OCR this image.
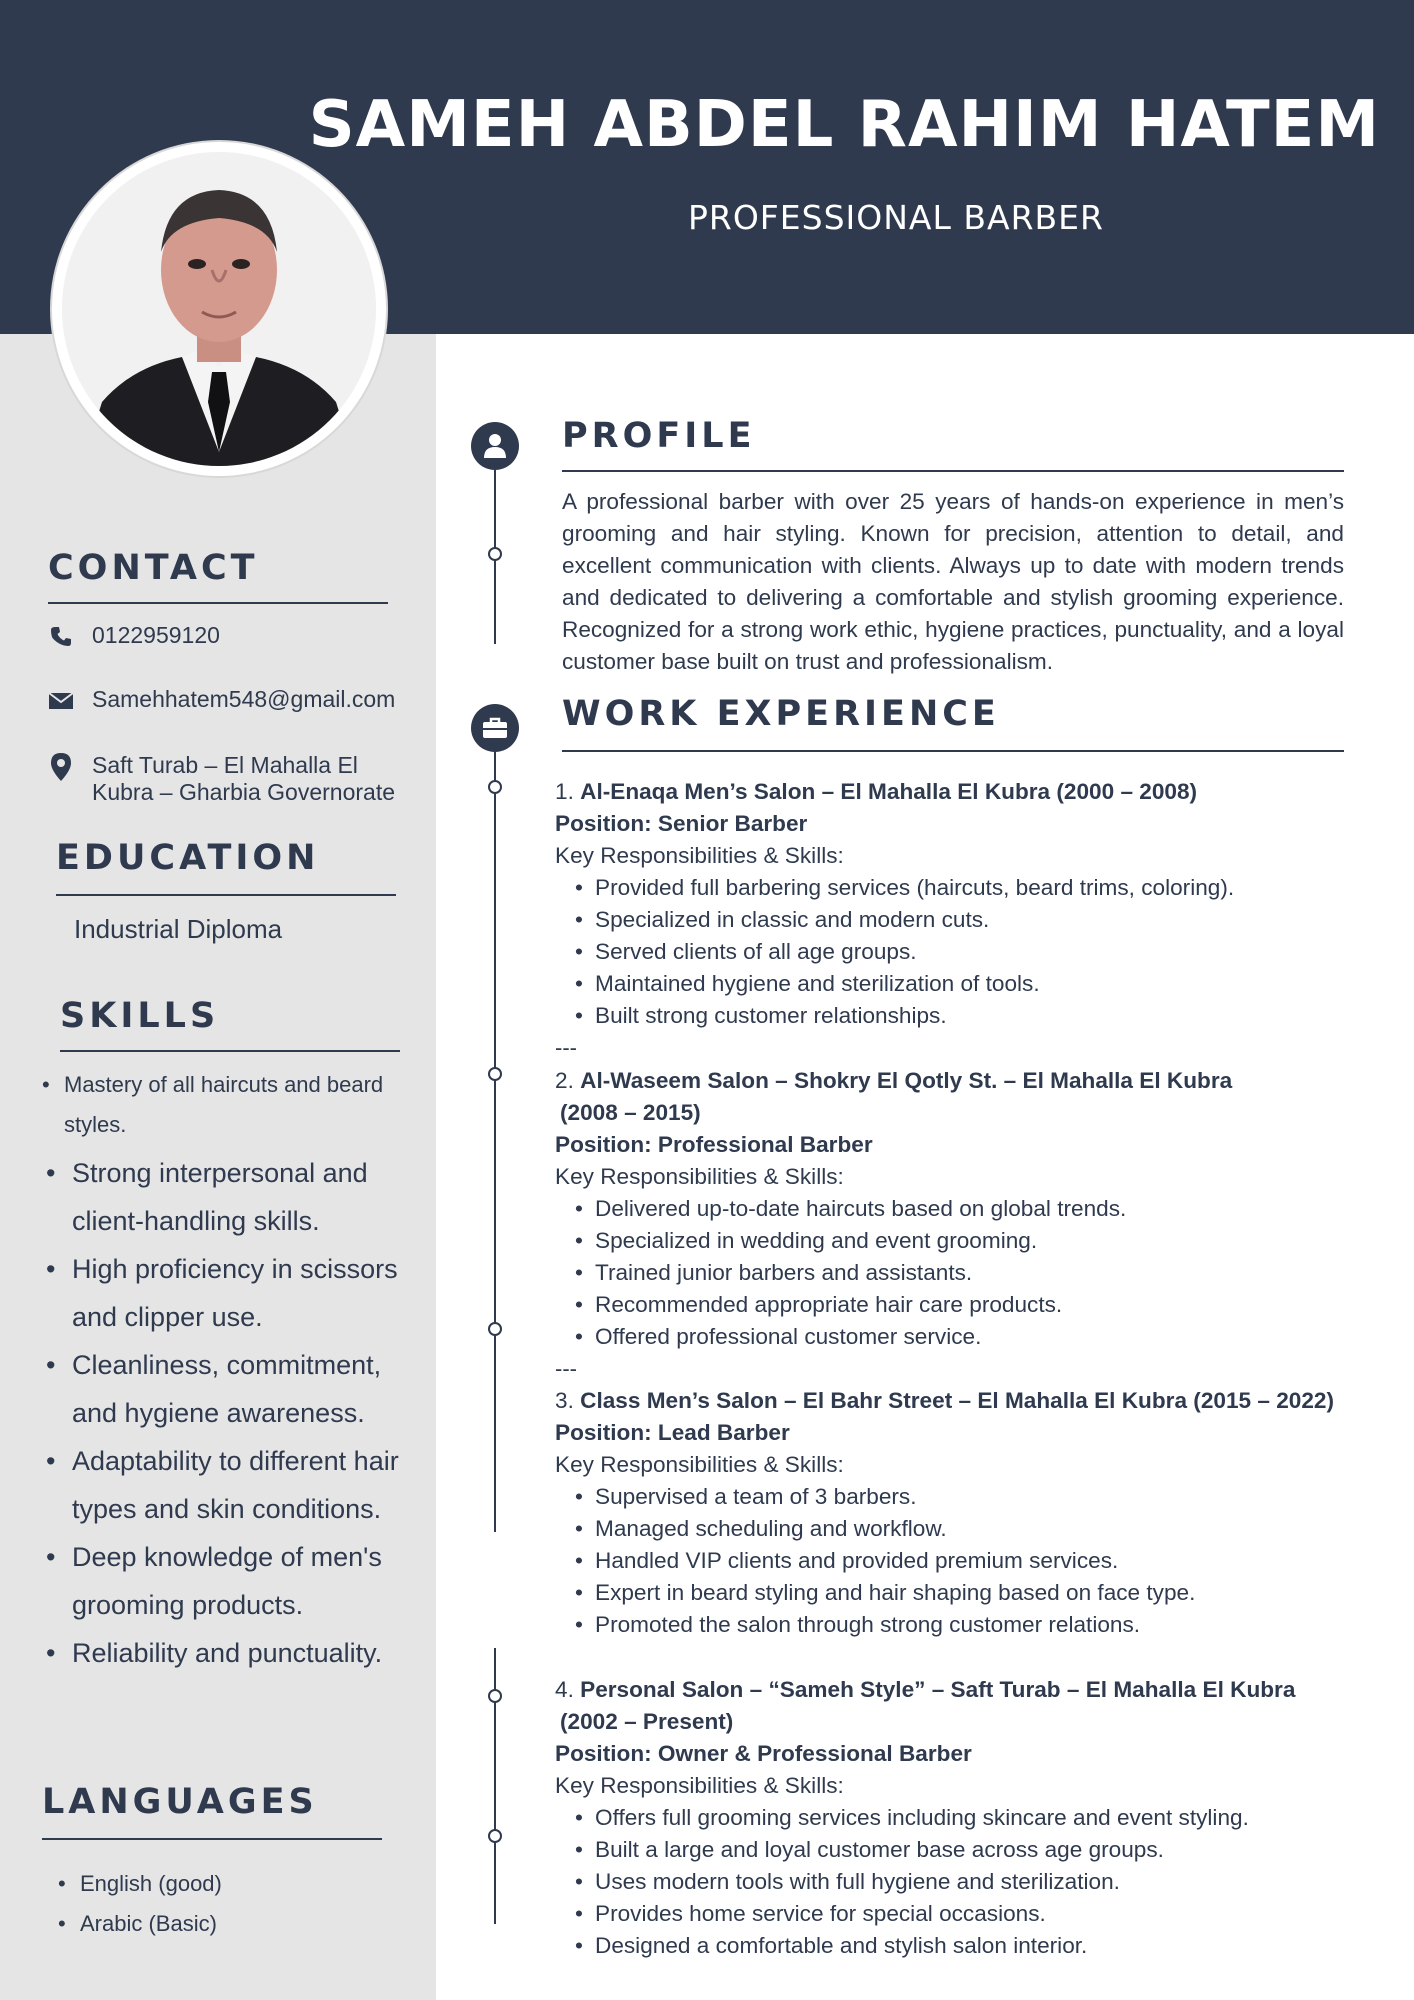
SAMEH ABDEL RAHIM HATEM
PROFESSIONAL BARBER
CONTACT
0122959120
Samehhatem548@gmail.com
Saft Turab – El Mahalla El
Kubra – Gharbia Governorate
EDUCATION
Industrial Diploma
SKILLS
• Mastery of all haircuts and beard styles.
• Strong interpersonal and client-handling skills.
• High proficiency in scissors and clipper use.
• Cleanliness, commitment, and hygiene awareness.
• Adaptability to different hair types and skin conditions.
• Deep knowledge of men's grooming products.
• Reliability and punctuality.
LANGUAGES
• English (good)
• Arabic (Basic)
PROFILE
A professional barber with over 25 years of hands-on experience in men’s grooming and hair styling. Known for precision, attention to detail, and excellent communication with clients. Always up to date with modern trends and dedicated to delivering a comfortable and stylish grooming experience. Recognized for a strong work ethic, hygiene practices, punctuality, and a loyal customer base built on trust and professionalism.
WORK EXPERIENCE
1. Al-Enaqa Men’s Salon – El Mahalla El Kubra (2000 – 2008)
Position: Senior Barber
Key Responsibilities & Skills:
• Provided full barbering services (haircuts, beard trims, coloring).
• Specialized in classic and modern cuts.
• Served clients of all age groups.
• Maintained hygiene and sterilization of tools.
• Built strong customer relationships.
---
2. Al-Waseem Salon – Shokry El Qotly St. – El Mahalla El Kubra
(2008 – 2015)
Position: Professional Barber
Key Responsibilities & Skills:
• Delivered up-to-date haircuts based on global trends.
• Specialized in wedding and event grooming.
• Trained junior barbers and assistants.
• Recommended appropriate hair care products.
• Offered professional customer service.
---
3. Class Men’s Salon – El Bahr Street – El Mahalla El Kubra (2015 – 2022)
Position: Lead Barber
Key Responsibilities & Skills:
• Supervised a team of 3 barbers.
• Managed scheduling and workflow.
• Handled VIP clients and provided premium services.
• Expert in beard styling and hair shaping based on face type.
• Promoted the salon through strong customer relations.
4. Personal Salon – “Sameh Style” – Saft Turab – El Mahalla El Kubra
(2002 – Present)
Position: Owner & Professional Barber
Key Responsibilities & Skills:
• Offers full grooming services including skincare and event styling.
• Built a large and loyal customer base across age groups.
• Uses modern tools with full hygiene and sterilization.
• Provides home service for special occasions.
• Designed a comfortable and stylish salon interior.
